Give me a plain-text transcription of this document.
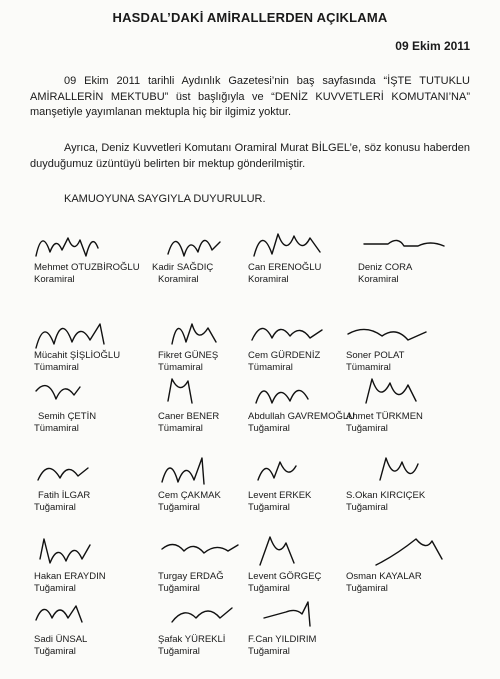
HASDAL’DAKİ AMİRALLERDEN AÇIKLAMA
09 Ekim 2011
09 Ekim 2011 tarihli Aydınlık Gazetesi’nin baş sayfasında “İŞTE TUTUKLU AMİRALLERİN MEKTUBU” üst başlığıyla ve “DENİZ KUVVETLERİ KOMUTANI’NA” manşetiyle yayımlanan mektupla hiç bir ilgimiz yoktur.
Ayrıca, Deniz Kuvvetleri Komutanı Oramiral Murat BİLGEL’e, söz konusu haberden duyduğumuz üzüntüyü belirten bir mektup gönderilmiştir.
KAMUOYUNA SAYGIYLA DUYURULUR.
Mehmet OTUZBİROĞLU
Koramiral
Kadir SAĞDIÇ
Koramiral
Can ERENOĞLU
Koramiral
Deniz CORA
Koramiral
Mücahit ŞİŞLİOĞLU
Tümamiral
Fikret GÜNEŞ
Tümamiral
Cem GÜRDENİZ
Tümamiral
Soner POLAT
Tümamiral
Semih ÇETİN
Tümamiral
Caner BENER
Tümamiral
Abdullah GAVREMOĞLU
Tuğamiral
Ahmet TÜRKMEN
Tuğamiral
Fatih İLGAR
Tuğamiral
Cem ÇAKMAK
Tuğamiral
Levent ERKEK
Tuğamiral
S.Okan KIRCIÇEK
Tuğamiral
Hakan ERAYDIN
Tuğamiral
Turgay ERDAĞ
Tuğamiral
Levent GÖRGEÇ
Tuğamiral
Osman KAYALAR
Tuğamiral
Sadi ÜNSAL
Tuğamiral
Şafak YÜREKLİ
Tuğamiral
F.Can YILDIRIM
Tuğamiral
